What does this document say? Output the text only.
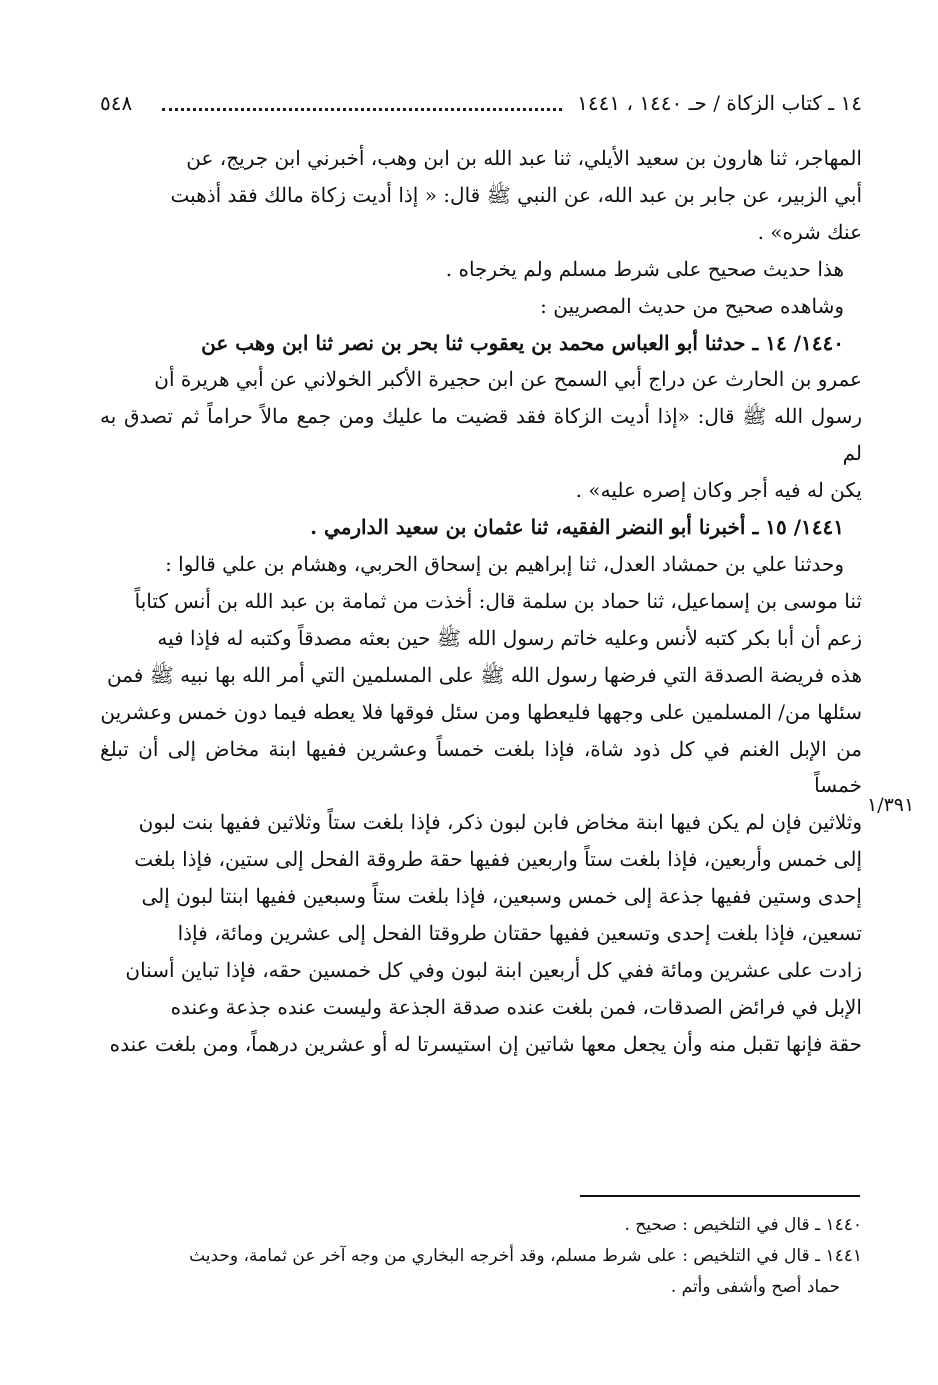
١٤ ـ كتاب الزكاة / حـ ١٤٤٠ ، ١٤٤١
٥٤٨

المهاجر، ثنا هارون بن سعيد الأيلي، ثنا عبد الله بن ابن وهب، أخبرني ابن جريج، عن

أبي الزبير، عن جابر بن عبد الله، عن النبي ﷺ قال: « إذا أديت زكاة مالك فقد أذهبت

عنك شره» .

هذا حديث صحيح على شرط مسلم ولم يخرجاه .

وشاهده صحيح من حديث المصريين :

١٤٤٠/ ١٤ ـ حدثنا أبو العباس محمد بن يعقوب ثنا بحر بن نصر ثنا ابن وهب عن

عمرو بن الحارث عن دراج أبي السمح عن ابن حجيرة الأكبر الخولاني عن أبي هريرة أن

رسول الله ﷺ قال: «إذا أديت الزكاة فقد قضيت ما عليك ومن جمع مالاً حراماً ثم تصدق به لم

يكن له فيه أجر وكان إصره عليه» .

١٤٤١/ ١٥ ـ أخبرنا أبو النضر الفقيه، ثنا عثمان بن سعيد الدارمي .

وحدثنا علي بن حمشاد العدل، ثنا إبراهيم بن إسحاق الحربي، وهشام بن علي قالوا :

ثنا موسى بن إسماعيل، ثنا حماد بن سلمة قال: أخذت من ثمامة بن عبد الله بن أنس كتاباً

زعم أن أبا بكر كتبه لأنس وعليه خاتم رسول الله ﷺ حين بعثه مصدقاً وكتبه له فإذا فيه

هذه فريضة الصدقة التي فرضها رسول الله ﷺ على المسلمين التي أمر الله بها نبيه ﷺ فمن

سئلها من/ المسلمين على وجهها فليعطها ومن سئل فوقها فلا يعطه فيما دون خمس وعشرين

من الإبل الغنم في كل ذود شاة، فإذا بلغت خمساً وعشرين ففيها ابنة مخاض إلى أن تبلغ خمساً

وثلاثين فإن لم يكن فيها ابنة مخاض فابن لبون ذكر، فإذا بلغت ستاً وثلاثين ففيها بنت لبون

إلى خمس وأربعين، فإذا بلغت ستاً واربعين ففيها حقة طروقة الفحل إلى ستين، فإذا بلغت

إحدى وستين ففيها جذعة إلى خمس وسبعين، فإذا بلغت ستاً وسبعين ففيها ابنتا لبون إلى

تسعين، فإذا بلغت إحدى وتسعين ففيها حقتان طروقتا الفحل إلى عشرين ومائة، فإذا

زادت على عشرين ومائة ففي كل أربعين ابنة لبون وفي كل خمسين حقه، فإذا تباين أسنان

الإبل في فرائض الصدقات، فمن بلغت عنده صدقة الجذعة وليست عنده جذعة وعنده

حقة فإنها تقبل منه وأن يجعل معها شاتين إن استيسرتا له أو عشرين درهماً، ومن بلغت عنده

١/٣٩١

١٤٤٠ ـ قال في التلخيص : صحيح .

١٤٤١ ـ قال في التلخيص : على شرط مسلم، وقد أخرجه البخاري من وجه آخر عن ثمامة، وحديث

حماد أصح وأشفى وأتم .
